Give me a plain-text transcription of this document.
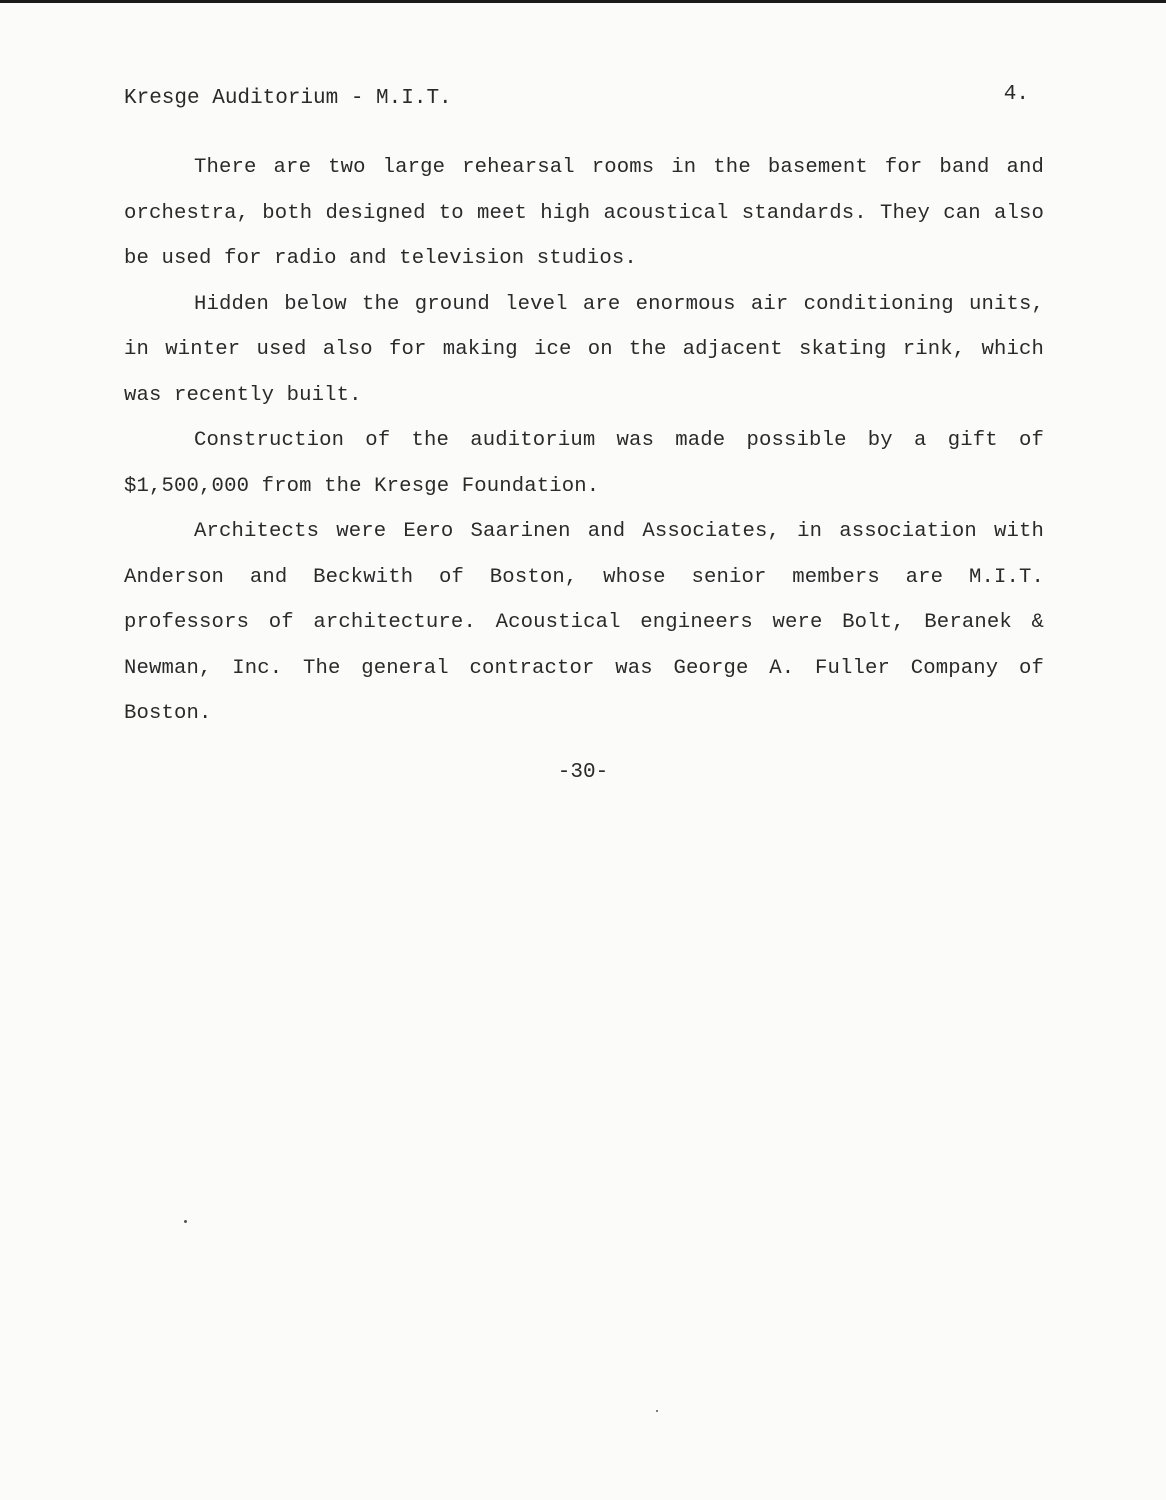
Kresge Auditorium - M.I.T.	4.

There are two large rehearsal rooms in the basement for band and orchestra, both designed to meet high acoustical standards. They can also be used for radio and television studios.

Hidden below the ground level are enormous air conditioning units, in winter used also for making ice on the adjacent skating rink, which was recently built.

Construction of the auditorium was made possible by a gift of $1,500,000 from the Kresge Foundation.

Architects were Eero Saarinen and Associates, in association with Anderson and Beckwith of Boston, whose senior members are M.I.T. professors of architecture. Acoustical engineers were Bolt, Beranek & Newman, Inc. The general contractor was George A. Fuller Company of Boston.

-30-
